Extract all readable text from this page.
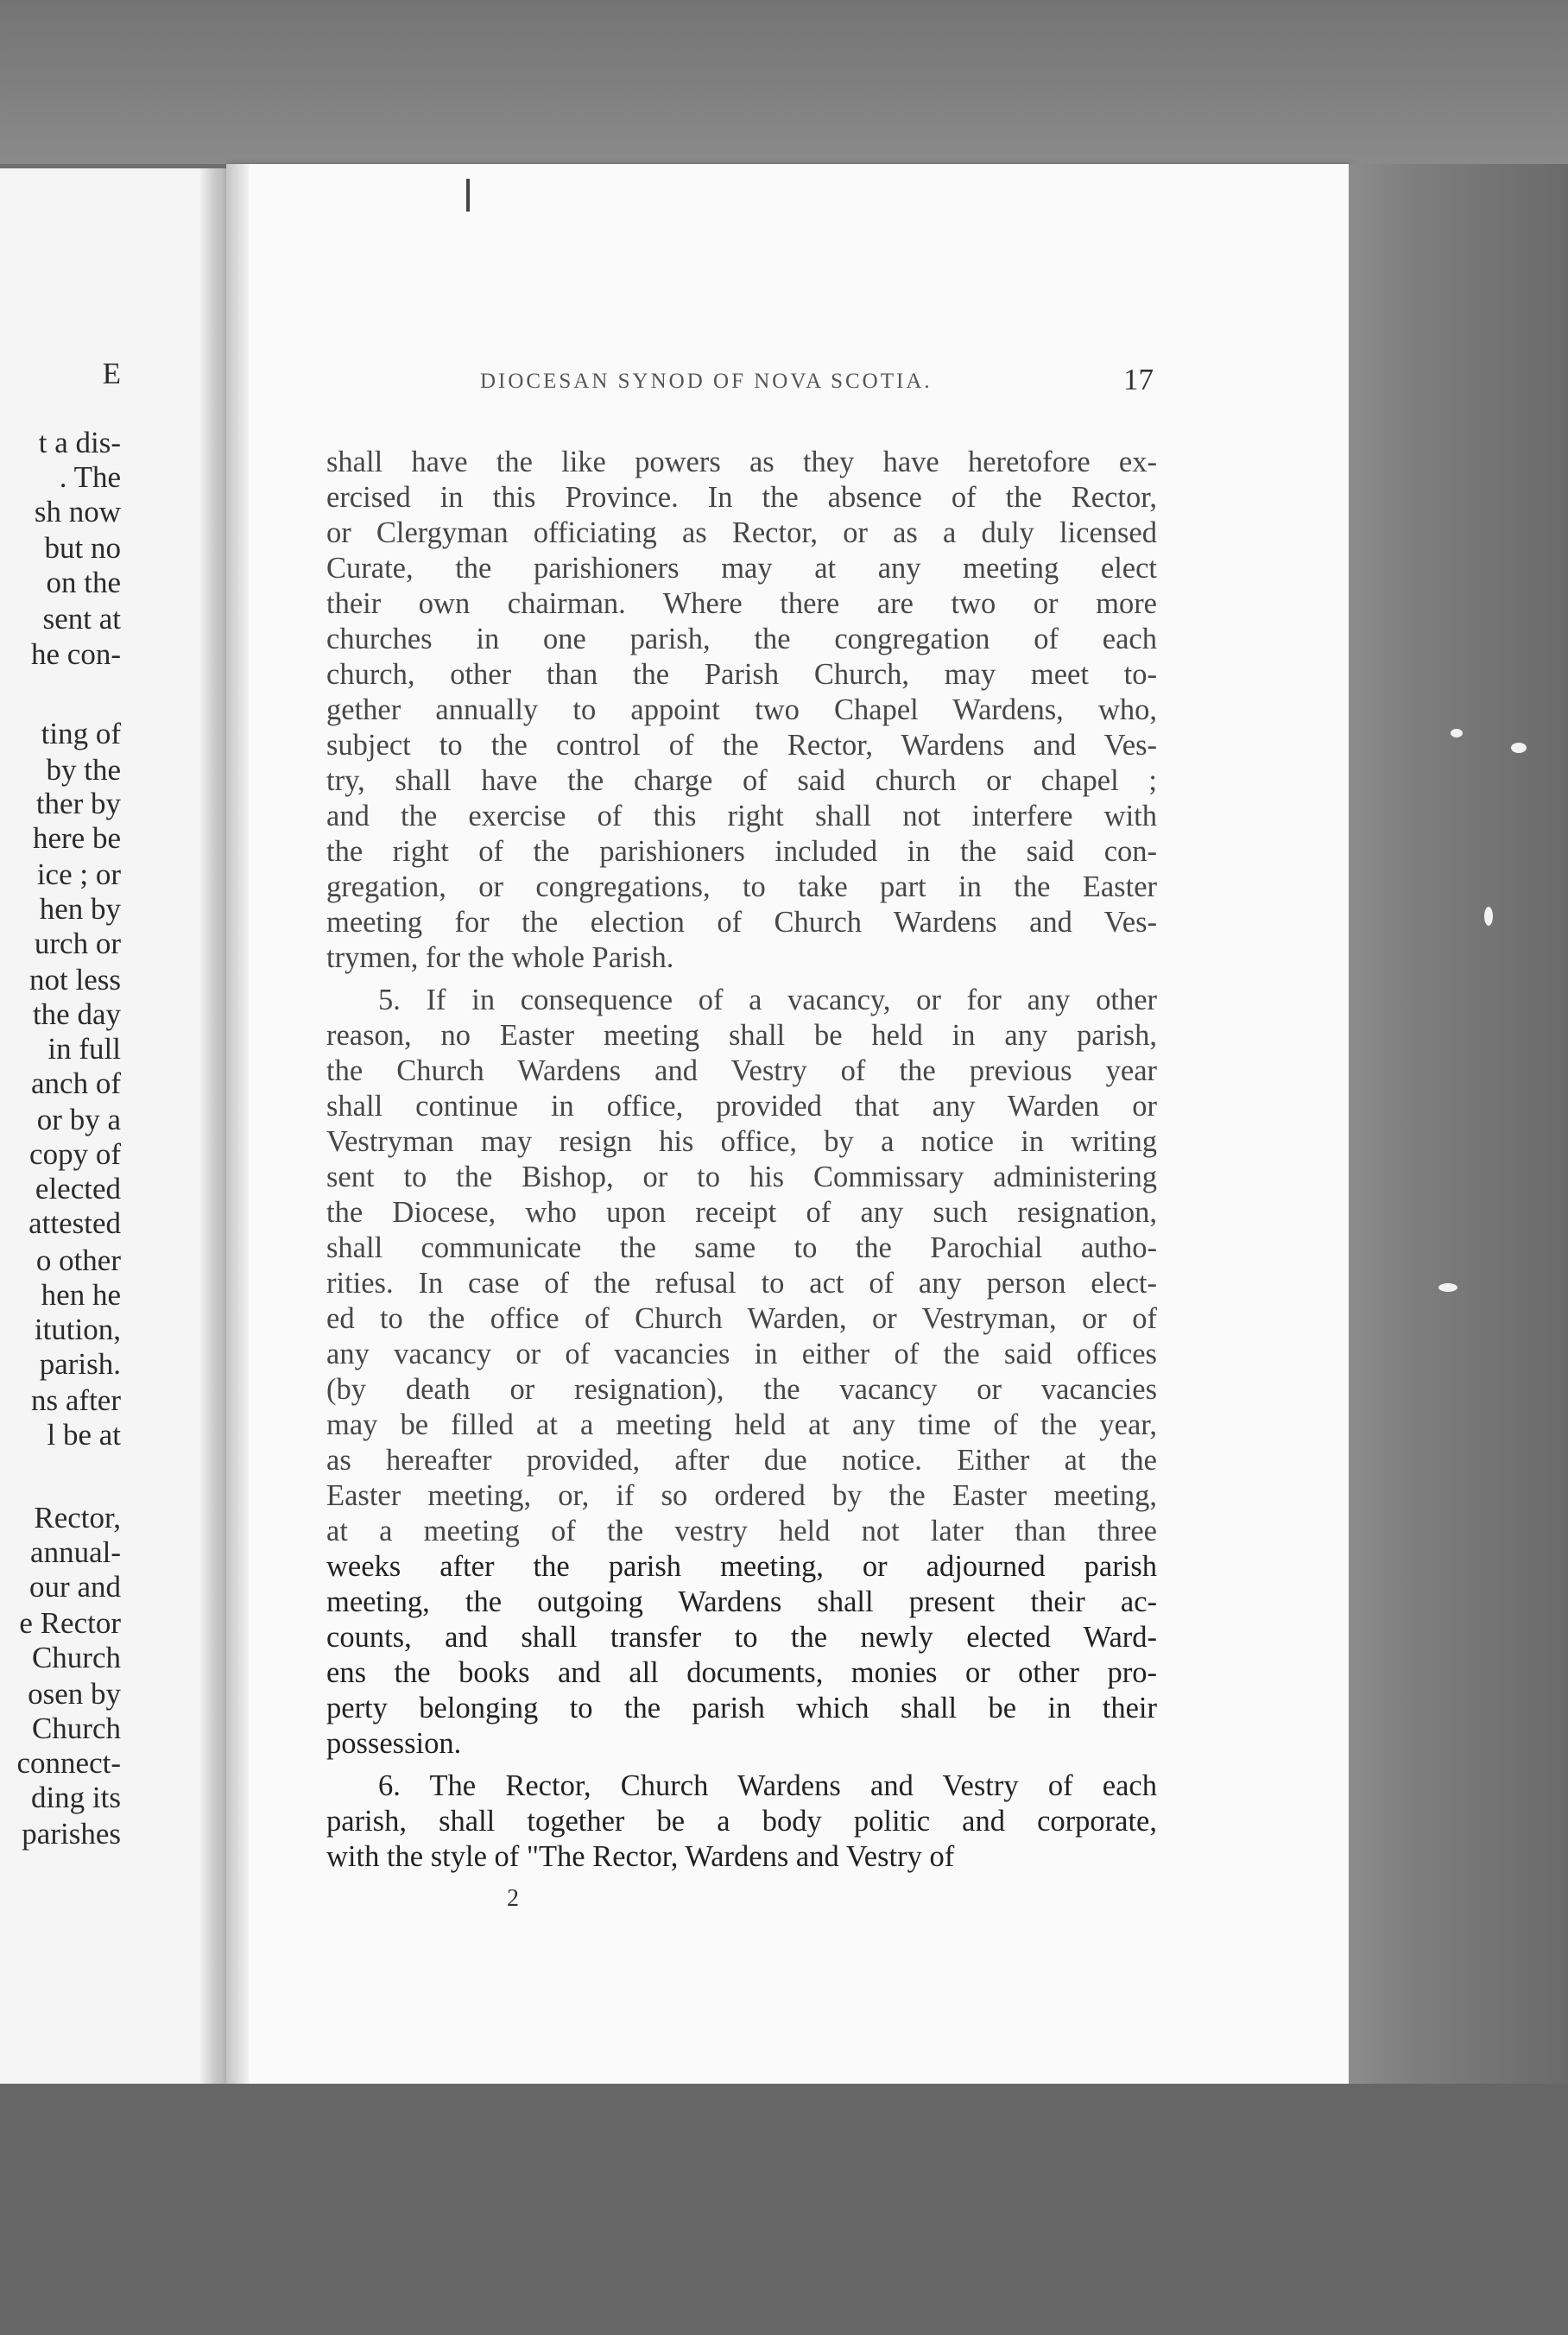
E
t a dis-
. The
sh now
but no
on the
sent at
he con-
ting of
by the
ther by
here be
ice ; or
hen by
urch or
not less
the day
in full
anch of
or by a
copy of
elected
attested
o other
hen he
itution,
parish.
ns after
l be at
Rector,
annual-
our and
e Rector
Church
osen by
Church
connect-
ding its
parishes
DIOCESAN SYNOD OF NOVA SCOTIA.	17
shall have the like powers as they have heretofore ex-
ercised in this Province. In the absence of the Rector,
or Clergyman officiating as Rector, or as a duly licensed
Curate, the parishioners may at any meeting elect
their own chairman. Where there are two or more
churches in one parish, the congregation of each
church, other than the Parish Church, may meet to-
gether annually to appoint two Chapel Wardens, who,
subject to the control of the Rector, Wardens and Ves-
try, shall have the charge of said church or chapel ;
and the exercise of this right shall not interfere with
the right of the parishioners included in the said con-
gregation, or congregations, to take part in the Easter
meeting for the election of Church Wardens and Ves-
trymen, for the whole Parish.
5. If in consequence of a vacancy, or for any other
reason, no Easter meeting shall be held in any parish,
the Church Wardens and Vestry of the previous year
shall continue in office, provided that any Warden or
Vestryman may resign his office, by a notice in writing
sent to the Bishop, or to his Commissary administering
the Diocese, who upon receipt of any such resignation,
shall communicate the same to the Parochial autho-
rities. In case of the refusal to act of any person elect-
ed to the office of Church Warden, or Vestryman, or of
any vacancy or of vacancies in either of the said offices
(by death or resignation), the vacancy or vacancies
may be filled at a meeting held at any time of the year,
as hereafter provided, after due notice. Either at the
Easter meeting, or, if so ordered by the Easter meeting,
at a meeting of the vestry held not later than three
weeks after the parish meeting, or adjourned parish
meeting, the outgoing Wardens shall present their ac-
counts, and shall transfer to the newly elected Ward-
ens the books and all documents, monies or other pro-
perty belonging to the parish which shall be in their
possession.
6. The Rector, Church Wardens and Vestry of each
parish, shall together be a body politic and corporate,
with the style of "The Rector, Wardens and Vestry of
2
